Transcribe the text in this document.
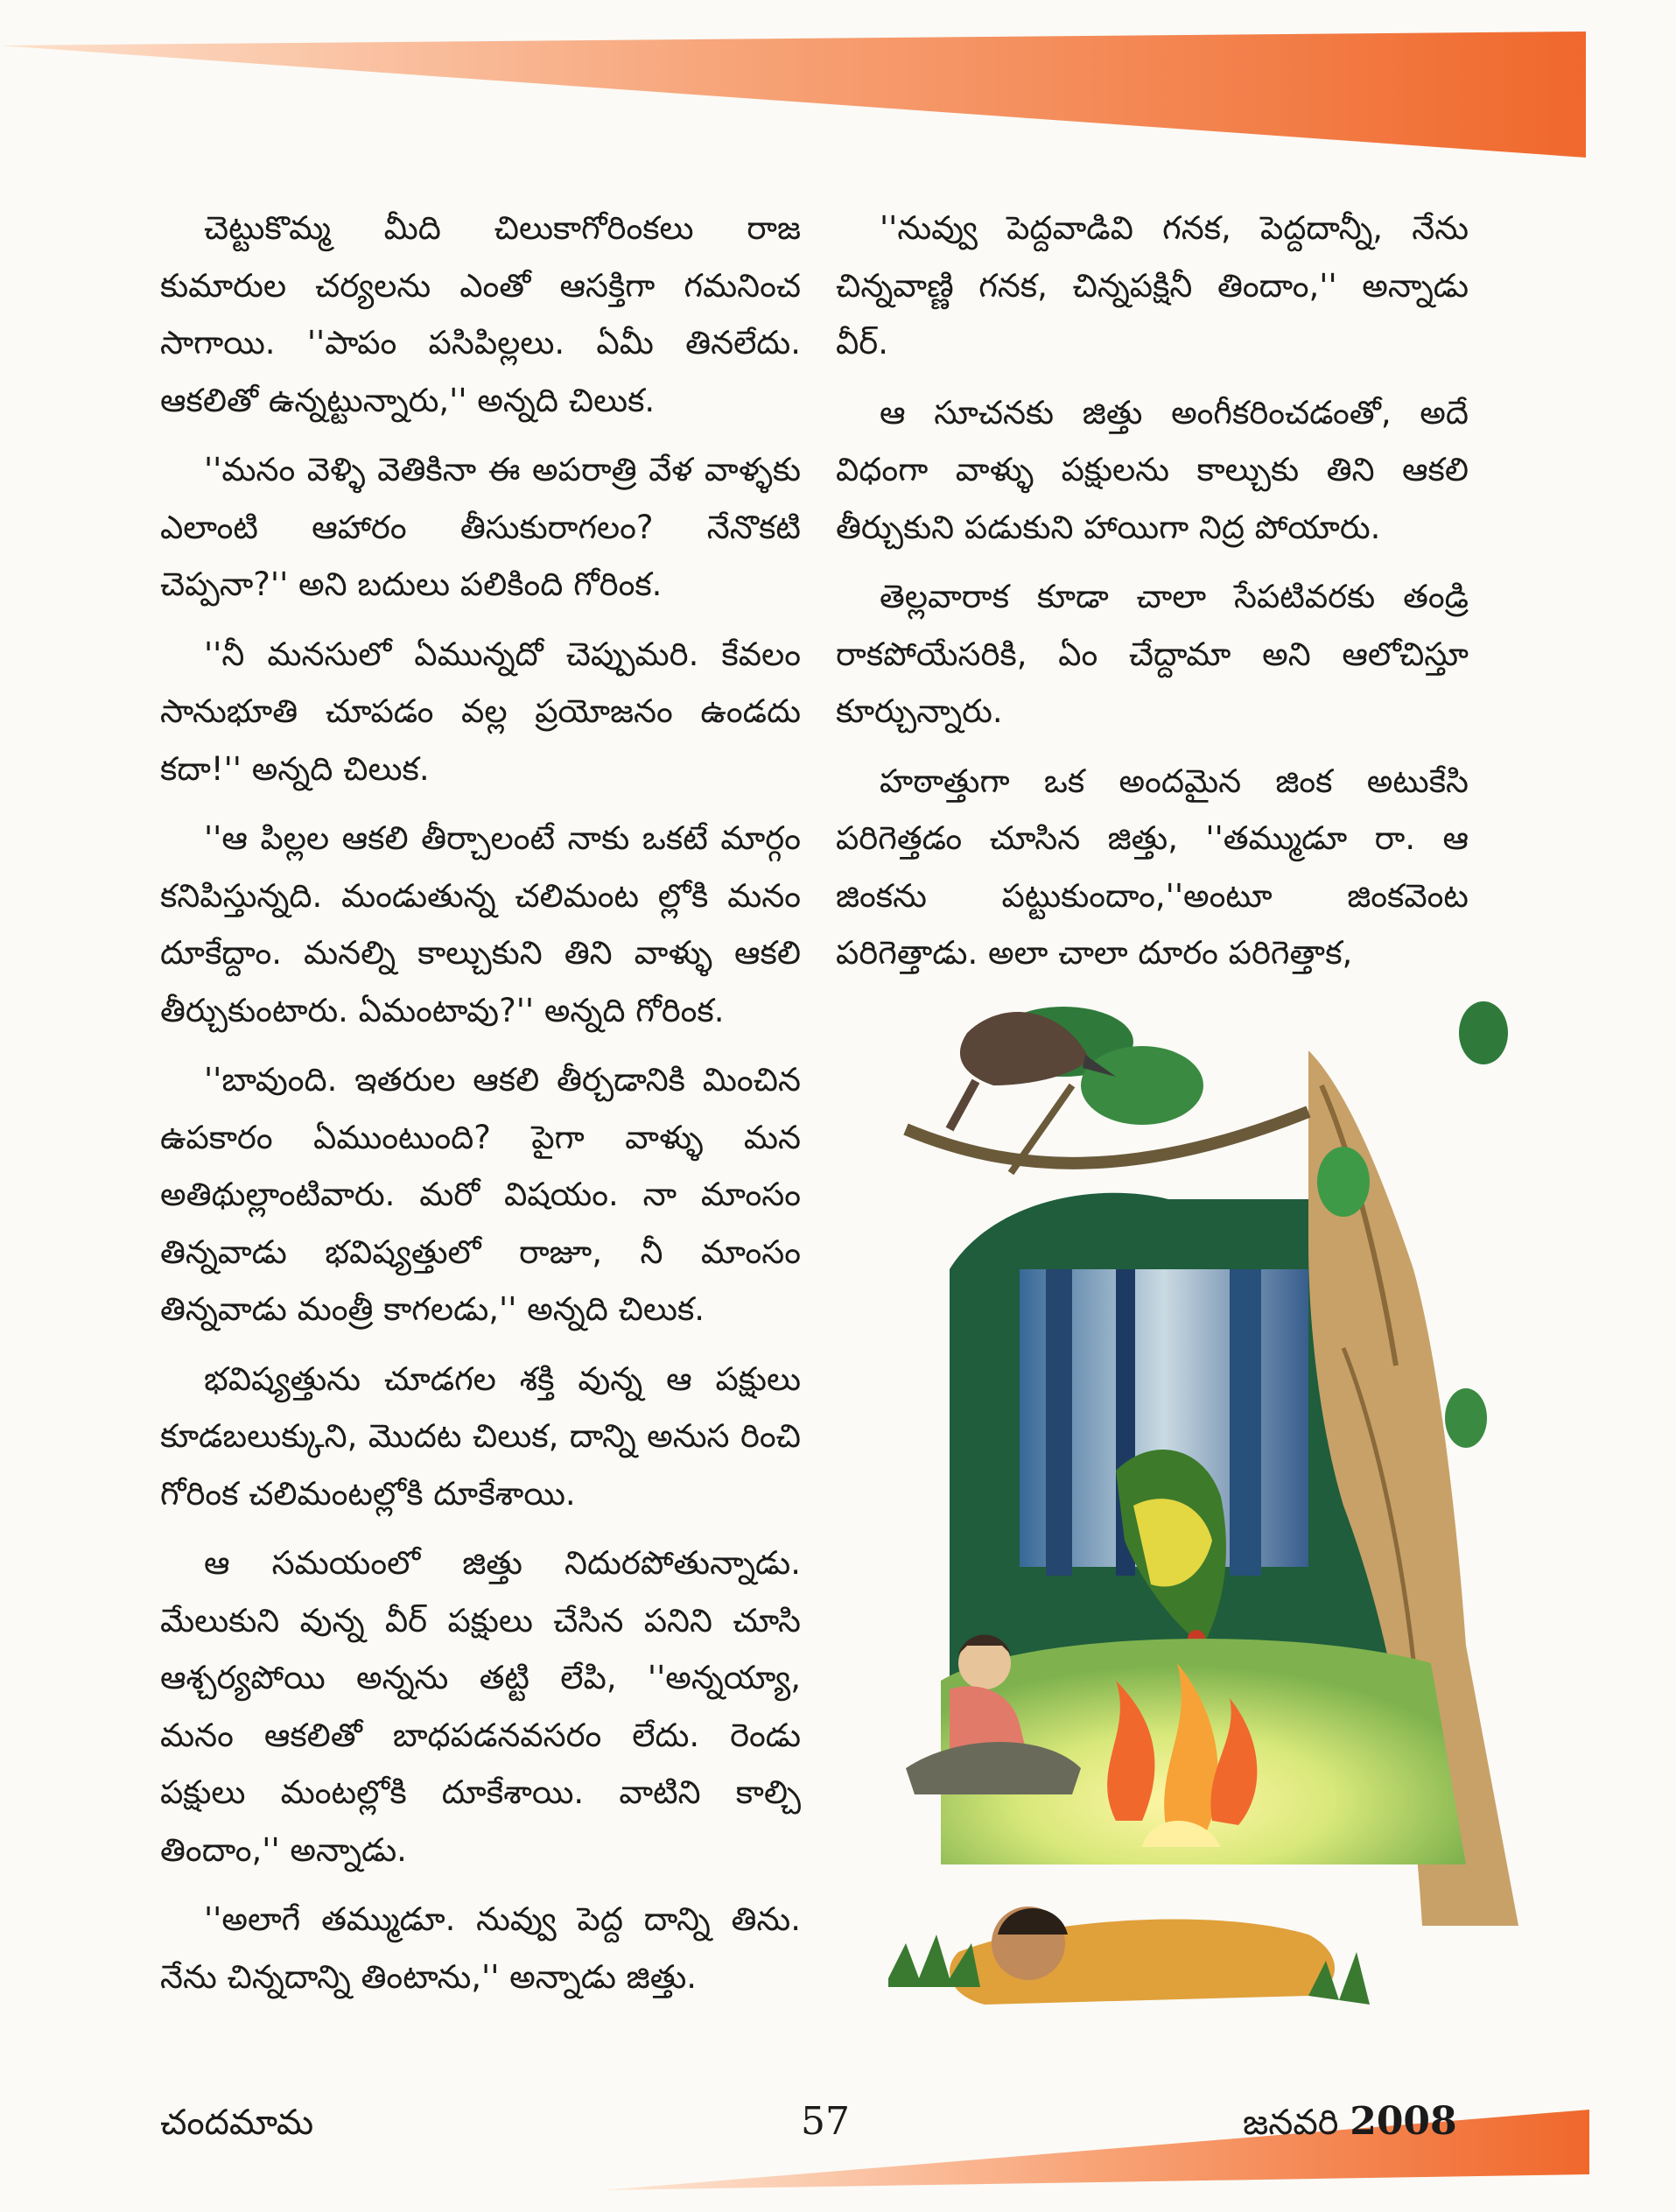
చెట్టుకొమ్మ మీది చిలుకాగోరింకలు రాజ కుమారుల చర్యలను ఎంతో ఆసక్తిగా గమనించ సాగాయి. ''పాపం పసిపిల్లలు. ఏమీ తినలేదు. ఆకలితో ఉన్నట్టున్నారు,'' అన్నది చిలుక.

''మనం వెళ్ళి వెతికినా ఈ అపరాత్రి వేళ వాళ్ళకు ఎలాంటి ఆహారం తీసుకురాగలం? నేనొకటి చెప్పనా?'' అని బదులు పలికింది గోరింక.

''నీ మనసులో ఏమున్నదో చెప్పుమరి. కేవలం సానుభూతి చూపడం వల్ల ప్రయోజనం ఉండదు కదా!'' అన్నది చిలుక.

''ఆ పిల్లల ఆకలి తీర్చాలంటే నాకు ఒకటే మార్గం కనిపిస్తున్నది. మండుతున్న చలిమంట ల్లోకి మనం దూకేద్దాం. మనల్ని కాల్చుకుని తిని వాళ్ళు ఆకలి తీర్చుకుంటారు. ఏమంటావు?'' అన్నది గోరింక.

''బావుంది. ఇతరుల ఆకలి తీర్చడానికి మించిన ఉపకారం ఏముంటుంది? పైగా వాళ్ళు మన అతిథుల్లాంటివారు. మరో విషయం. నా మాంసం తిన్నవాడు భవిష్యత్తులో రాజూ, నీ మాంసం తిన్నవాడు మంత్రీ కాగలడు,'' అన్నది చిలుక.

భవిష్యత్తును చూడగల శక్తి వున్న ఆ పక్షులు కూడబలుక్కుని, మొదట చిలుక, దాన్ని అనుస రించి గోరింక చలిమంటల్లోకి దూకేశాయి.

ఆ సమయంలో జిత్తు నిదురపోతున్నాడు. మేలుకుని వున్న వీర్ పక్షులు చేసిన పనిని చూసి ఆశ్చర్యపోయి అన్నను తట్టి లేపి, ''అన్నయ్యా, మనం ఆకలితో బాధపడనవసరం లేదు. రెండు పక్షులు మంటల్లోకి దూకేశాయి. వాటిని కాల్చి తిందాం,'' అన్నాడు.

''అలాగే తమ్ముడూ. నువ్వు పెద్ద దాన్ని తిను. నేను చిన్నదాన్ని తింటాను,'' అన్నాడు జిత్తు.

''నువ్వు పెద్దవాడివి గనక, పెద్దదాన్నీ, నేను చిన్నవాణ్ణి గనక, చిన్నపక్షినీ తిందాం,'' అన్నాడు వీర్.

ఆ సూచనకు జిత్తు అంగీకరించడంతో, అదే విధంగా వాళ్ళు పక్షులను కాల్చుకు తిని ఆకలి తీర్చుకుని పడుకుని హాయిగా నిద్ర పోయారు.

తెల్లవారాక కూడా చాలా సేపటివరకు తండ్రి రాకపోయేసరికి, ఏం చేద్దామా అని ఆలోచిస్తూ కూర్చున్నారు.

హఠాత్తుగా ఒక అందమైన జింక అటుకేసి పరిగెత్తడం చూసిన జిత్తు, ''తమ్ముడూ రా. ఆ జింకను పట్టుకుందాం,''అంటూ జింకవెంట పరిగెత్తాడు. అలా చాలా దూరం పరిగెత్తాక,

చందమామ	57	జనవరి 2008
